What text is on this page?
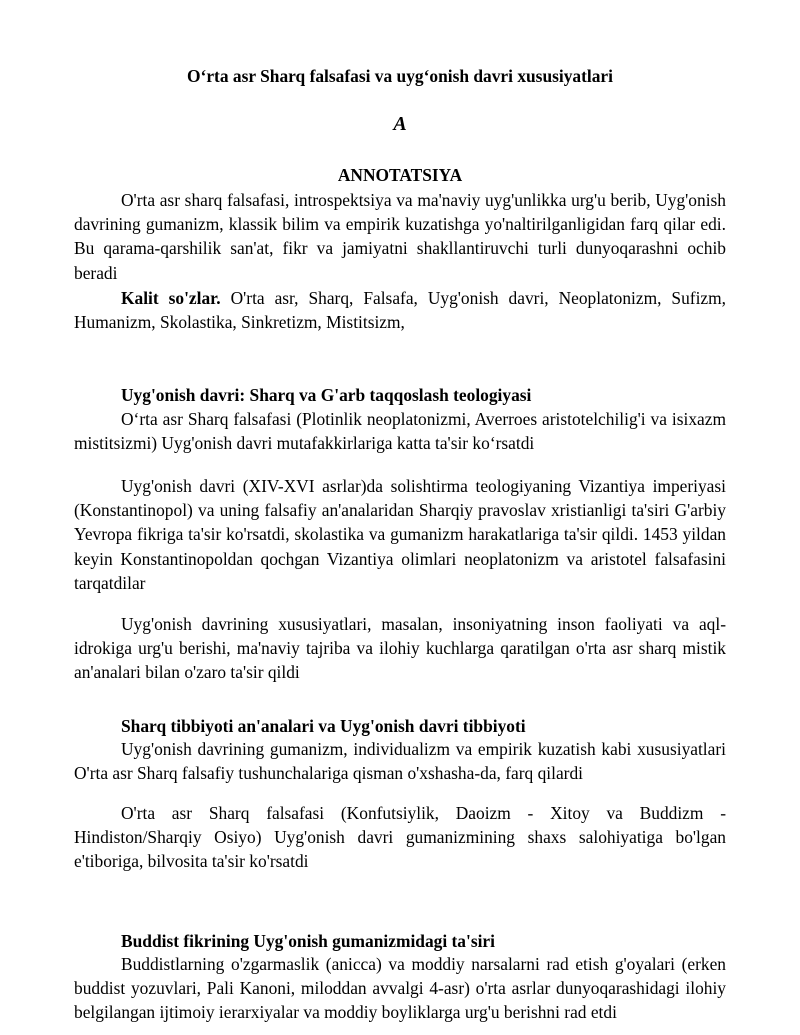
O‘rta asr Sharq falsafasi va uyg‘onish davri xususiyatlari
A
ANNOTATSIYA

O'rta asr sharq falsafasi, introspektsiya va ma'naviy uyg'unlikka urg'u berib, Uyg'onish davrining gumanizm, klassik bilim va empirik kuzatishga yo'naltirilganligidan farq qilar edi. Bu qarama-qarshilik san'at, fikr va jamiyatni shakllantiruvchi turli dunyoqarashni ochib beradi

Kalit so'zlar. O'rta asr, Sharq, Falsafa, Uyg'onish davri, Neoplatonizm, Sufizm, Humanizm, Skolastika, Sinkretizm, Mistitsizm,

Uyg'onish davri: Sharq va G'arb taqqoslash teologiyasi

O‘rta asr Sharq falsafasi (Plotinlik neoplatonizmi, Averroes aristotelchilig'i va isixazm mistitsizmi) Uyg'onish davri mutafakkirlariga katta ta'sir ko‘rsatdi

Uyg'onish davri (XIV-XVI asrlar)da solishtirma teologiyaning Vizantiya imperiyasi (Konstantinopol) va uning falsafiy an'analaridan Sharqiy pravoslav xristianligi ta'siri G'arbiy Yevropa fikriga ta'sir ko'rsatdi, skolastika va gumanizm harakatlariga ta'sir qildi. 1453 yildan keyin Konstantinopoldan qochgan Vizantiya olimlari neoplatonizm va aristotel falsafasini tarqatdilar

Uyg'onish davrining xususiyatlari, masalan, insoniyatning inson faoliyati va aql-idrokiga urg'u berishi, ma'naviy tajriba va ilohiy kuchlarga qaratilgan o'rta asr sharq mistik an'analari bilan o'zaro ta'sir qildi

Sharq tibbiyoti an'analari va Uyg'onish davri tibbiyoti

Uyg'onish davrining gumanizm, individualizm va empirik kuzatish kabi xususiyatlari O'rta asr Sharq falsafiy tushunchalariga qisman o'xshasha-da, farq qilardi

O'rta asr Sharq falsafasi (Konfutsiylik, Daoizm - Xitoy va Buddizm - Hindiston/Sharqiy Osiyo) Uyg'onish davri gumanizmining shaxs salohiyatiga bo'lgan e'tiboriga, bilvosita ta'sir ko'rsatdi

Buddist fikrining Uyg'onish gumanizmidagi ta'siri

Buddistlarning o'zgarmaslik (anicca) va moddiy narsalarni rad etish g'oyalari (erken buddist yozuvlari, Pali Kanoni, miloddan avvalgi 4-asr) o'rta asrlar dunyoqarashidagi ilohiy belgilangan ijtimoiy ierarxiyalar va moddiy boyliklarga urg'u berishni rad etdi
